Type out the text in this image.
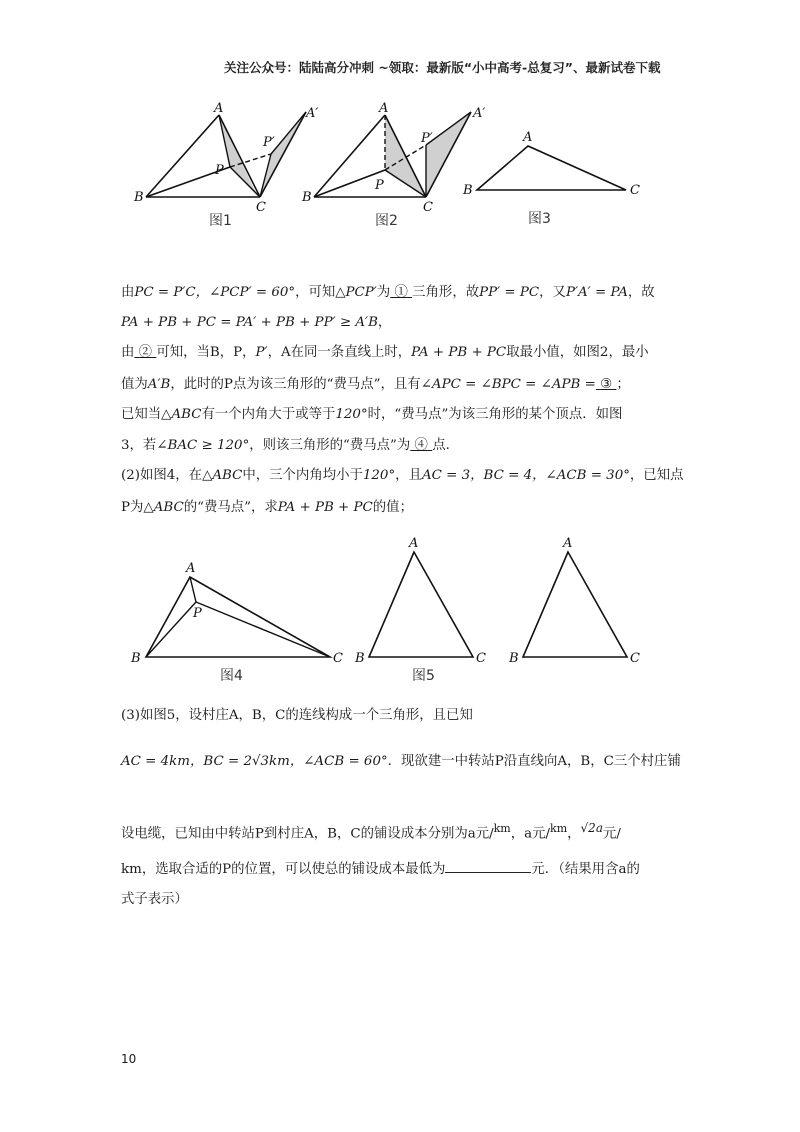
关注公众号：陆陆高分冲刺 ~领取：最新版“小中高考-总复习”、最新试卷下载
A	A′
P′
P
B
C
图1
A	A′
P′
P
B
C
图2
A
B	C
图3
由PC = P′C，∠PCP′ = 60°，可知△PCP′为 ① 三角形，故PP′ = PC，又P′A′ = PA，故
PA + PB + PC = PA′ + PB + PP′ ≥ A′B，
由 ② 可知，当B，P，P′，A在同一条直线上时，PA + PB + PC取最小值，如图2，最小
值为A′B，此时的P点为该三角形的“费马点”，且有∠APC = ∠BPC = ∠APB = ③ ；
已知当△ABC有一个内角大于或等于120°时，“费马点”为该三角形的某个顶点．如图
3，若∠BAC ≥ 120°，则该三角形的“费马点”为 ④ 点．
(2)如图4，在△ABC中，三个内角均小于120°，且AC = 3，BC = 4，∠ACB = 30°，已知点
P为△ABC的“费马点”，求PA + PB + PC的值；
A
P
B	C
图4
A
B	C
图5
A
B	C
(3)如图5，设村庄A，B，C的连线构成一个三角形，且已知
AC = 4km，BC = 2√3km，∠ACB = 60°．现欲建一中转站P沿直线向A，B，C三个村庄铺
设电缆，已知由中转站P到村庄A，B，C的铺设成本分别为a元/$^{km}$，a元/$^{km}$，$^{√2a}$元/
km，选取合适的P的位置，可以使总的铺设成本最低为	元．（结果用含a的
式子表示）
10
